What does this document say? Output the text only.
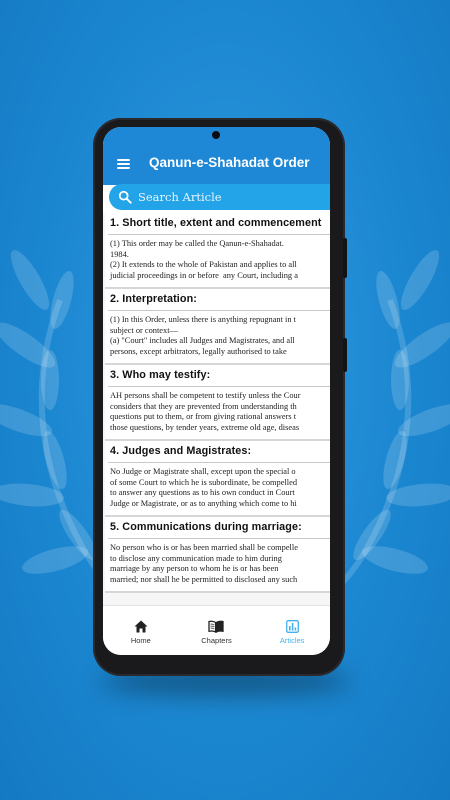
Qanun-e-Shahadat Order
Search Article
1. Short title, extent and commencement
(1) This order may be called the Qanun-e-Shahadat.
1984.
(2) It extends to the whole of Pakistan and applies to all
judicial proceedings in or before  any Court, including a
2. Interpretation:
(1) In this Order, unless there is anything repugnant in t
subject or context—
(a) "Court" includes all Judges and Magistrates, and all
persons, except arbitrators, legally authorised to take
3. Who may testify:
AH persons shall be competent to testify unless the Cour
considers that they are prevented from understanding th
questions put to them, or from giving rational answers t
those questions, by tender years, extreme old age, diseas
4. Judges and Magistrates:
No Judge or Magistrate shall, except upon the special o
of some Court to which he is subordinate, be compelled
to answer any questions as to his own conduct in Court
Judge or Magistrate, or as to anything which come to hi
5. Communications during marriage:
No person who is or has been married shall be compelle
to disclose any communication made to him during
marriage by any person to whom he is or has been
married; nor shall he be permitted to disclosed any such
Home	Chapters	Articles
